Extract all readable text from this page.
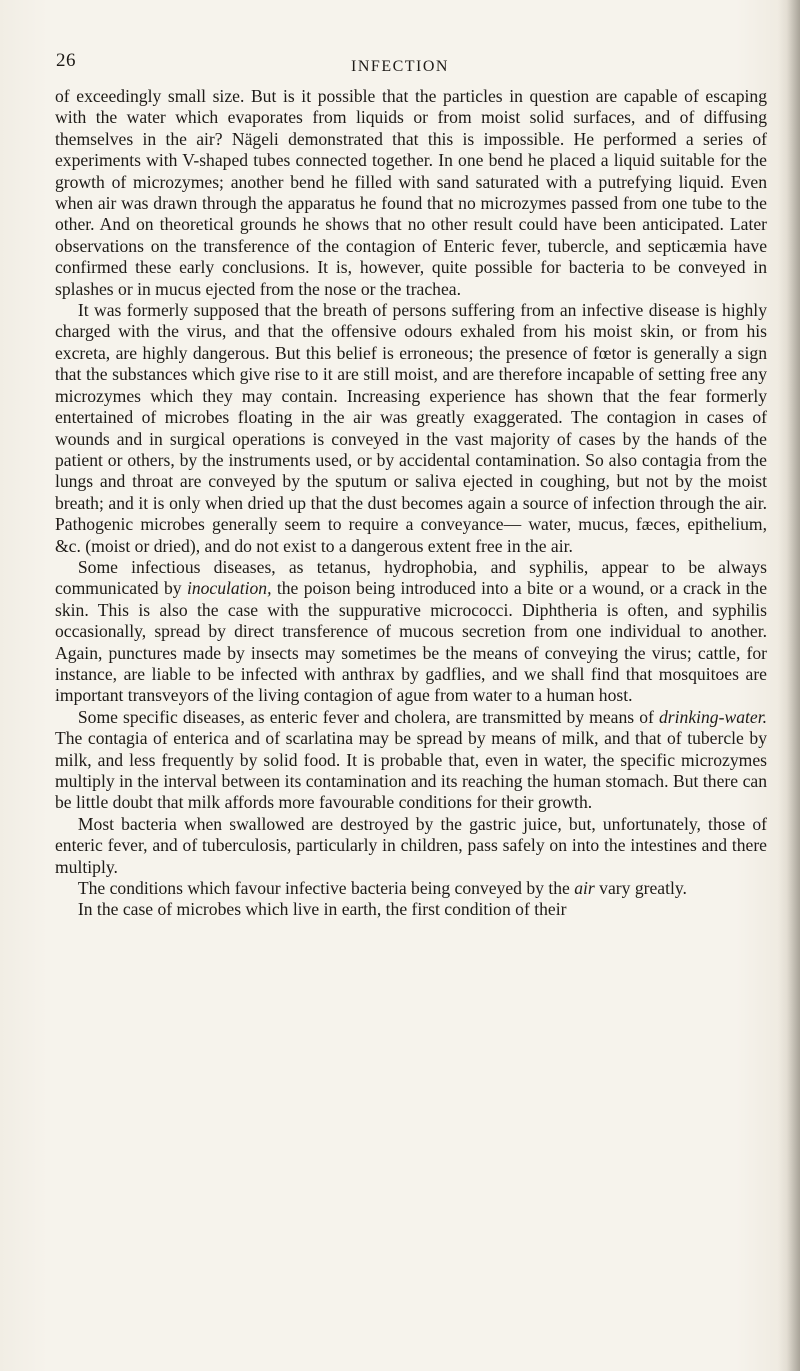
26	INFECTION

of exceedingly small size. But is it possible that the particles in question are capable of escaping with the water which evaporates from liquids or from moist solid surfaces, and of diffusing themselves in the air? Nägeli demonstrated that this is impossible. He performed a series of experiments with V-shaped tubes connected together. In one bend he placed a liquid suitable for the growth of microzymes; another bend he filled with sand saturated with a putrefying liquid. Even when air was drawn through the apparatus he found that no microzymes passed from one tube to the other. And on theoretical grounds he shows that no other result could have been anticipated. Later observations on the transference of the contagion of Enteric fever, tubercle, and septicæmia have confirmed these early conclusions. It is, however, quite possible for bacteria to be conveyed in splashes or in mucus ejected from the nose or the trachea.

It was formerly supposed that the breath of persons suffering from an infective disease is highly charged with the virus, and that the offensive odours exhaled from his moist skin, or from his excreta, are highly dangerous. But this belief is erroneous; the presence of fœtor is generally a sign that the substances which give rise to it are still moist, and are therefore incapable of setting free any microzymes which they may contain. Increasing experience has shown that the fear formerly entertained of microbes floating in the air was greatly exaggerated. The contagion in cases of wounds and in surgical operations is conveyed in the vast majority of cases by the hands of the patient or others, by the instruments used, or by accidental contamination. So also contagia from the lungs and throat are conveyed by the sputum or saliva ejected in coughing, but not by the moist breath; and it is only when dried up that the dust becomes again a source of infection through the air. Pathogenic microbes generally seem to require a conveyance— water, mucus, fæces, epithelium, &c. (moist or dried), and do not exist to a dangerous extent free in the air.

Some infectious diseases, as tetanus, hydrophobia, and syphilis, appear to be always communicated by inoculation, the poison being introduced into a bite or a wound, or a crack in the skin. This is also the case with the suppurative micrococci. Diphtheria is often, and syphilis occasionally, spread by direct transference of mucous secretion from one individual to another. Again, punctures made by insects may sometimes be the means of conveying the virus; cattle, for instance, are liable to be infected with anthrax by gadflies, and we shall find that mosquitoes are important transveyors of the living contagion of ague from water to a human host.

Some specific diseases, as enteric fever and cholera, are transmitted by means of drinking-water. The contagia of enterica and of scarlatina may be spread by means of milk, and that of tubercle by milk, and less frequently by solid food. It is probable that, even in water, the specific microzymes multiply in the interval between its contamination and its reaching the human stomach. But there can be little doubt that milk affords more favourable conditions for their growth.

Most bacteria when swallowed are destroyed by the gastric juice, but, unfortunately, those of enteric fever, and of tuberculosis, particularly in children, pass safely on into the intestines and there multiply.

The conditions which favour infective bacteria being conveyed by the air vary greatly.

In the case of microbes which live in earth, the first condition of their
